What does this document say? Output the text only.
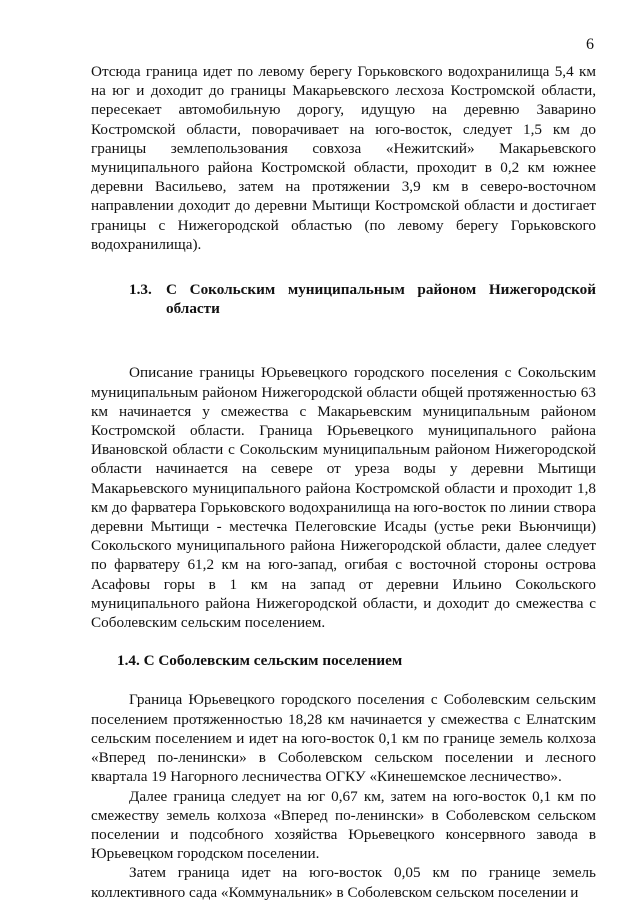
6

Отсюда граница идет по левому берегу Горьковского водохранилища 5,4 км на юг и доходит до границы Макарьевского лесхоза Костромской области, пересекает автомобильную дорогу, идущую на деревню Заварино Костромской области, поворачивает на юго-восток, следует 1,5 км до границы землепользования совхоза «Нежитский» Макарьевского муниципального района Костромской области, проходит в 0,2 км южнее деревни Васильево, затем на протяжении 3,9 км в северо-восточном направлении доходит до деревни Мытищи Костромской области и достигает границы с Нижегородской областью (по левому берегу Горьковского водохранилища).

1.3. С Сокольским муниципальным районом Нижегородской области

Описание границы Юрьевецкого городского поселения с Сокольским муниципальным районом Нижегородской области общей протяженностью 63 км начинается у смежества с Макарьевским муниципальным районом Костромской области. Граница Юрьевецкого муниципального района Ивановской области с Сокольским муниципальным районом Нижегородской области начинается на севере от уреза воды у деревни Мытищи Макарьевского муниципального района Костромской области и проходит 1,8 км до фарватера Горьковского водохранилища на юго-восток по линии створа деревни Мытищи - местечка Пелеговские Исады (устье реки Вьюнчищи) Сокольского муниципального района Нижегородской области, далее следует по фарватеру 61,2 км на юго-запад, огибая с восточной стороны острова Асафовы горы в 1 км на запад от деревни Ильино Сокольского муниципального района Нижегородской области, и доходит до смежества с Соболевским сельским поселением.

1.4. С Соболевским сельским поселением

Граница Юрьевецкого городского поселения с Соболевским сельским поселением протяженностью 18,28 км начинается у смежества с Елнатским сельским поселением и идет на юго-восток 0,1 км по границе земель колхоза «Вперед по-ленински» в Соболевском сельском поселении и лесного квартала 19 Нагорного лесничества ОГКУ «Кинешемское лесничество».

Далее граница следует на юг 0,67 км, затем на юго-восток 0,1 км по смежеству земель колхоза «Вперед по-ленински» в Соболевском сельском поселении и подсобного хозяйства Юрьевецкого консервного завода в Юрьевецком городском поселении.

Затем граница идет на юго-восток 0,05 км по границе земель коллективного сада «Коммунальник» в Соболевском сельском поселении и
